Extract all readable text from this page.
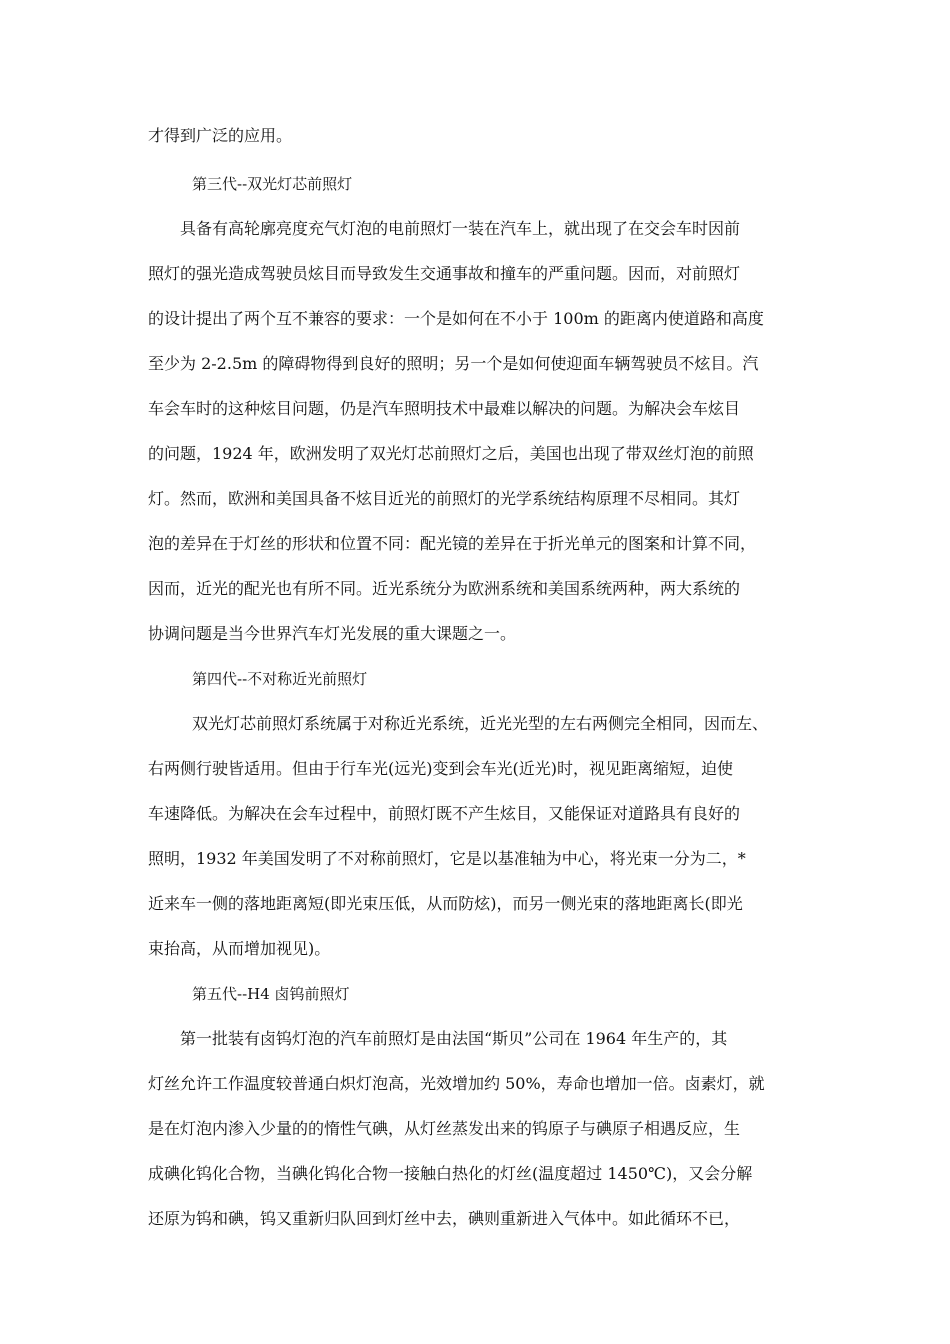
才得到广泛的应用。

第三代--双光灯芯前照灯

具备有高轮廓亮度充气灯泡的电前照灯一装在汽车上，就出现了在交会车时因前

照灯的强光造成驾驶员炫目而导致发生交通事故和撞车的严重问题。因而，对前照灯

的设计提出了两个互不兼容的要求：一个是如何在不小于 100m 的距离内使道路和高度

至少为 2-2.5m 的障碍物得到良好的照明；另一个是如何使迎面车辆驾驶员不炫目。汽

车会车时的这种炫目问题，仍是汽车照明技术中最难以解决的问题。为解决会车炫目

的问题，1924 年，欧洲发明了双光灯芯前照灯之后，美国也出现了带双丝灯泡的前照

灯。然而，欧洲和美国具备不炫目近光的前照灯的光学系统结构原理不尽相同。其灯

泡的差异在于灯丝的形状和位置不同：配光镜的差异在于折光单元的图案和计算不同，

因而，近光的配光也有所不同。近光系统分为欧洲系统和美国系统两种，两大系统的

协调问题是当今世界汽车灯光发展的重大课题之一。

第四代--不对称近光前照灯

双光灯芯前照灯系统属于对称近光系统，近光光型的左右两侧完全相同，因而左、

右两侧行驶皆适用。但由于行车光(远光)变到会车光(近光)时，视见距离缩短，迫使

车速降低。为解决在会车过程中，前照灯既不产生炫目，又能保证对道路具有良好的

照明，1932 年美国发明了不对称前照灯，它是以基准轴为中心，将光束一分为二，*

近来车一侧的落地距离短(即光束压低，从而防炫)，而另一侧光束的落地距离长(即光

束抬高，从而增加视见)。

第五代--H4 卤钨前照灯

第一批装有卤钨灯泡的汽车前照灯是由法国“斯贝”公司在 1964 年生产的，其

灯丝允许工作温度较普通白炽灯泡高，光效增加约 50%，寿命也增加一倍。卤素灯，就

是在灯泡内渗入少量的的惰性气碘，从灯丝蒸发出来的钨原子与碘原子相遇反应，生

成碘化钨化合物，当碘化钨化合物一接触白热化的灯丝(温度超过 1450℃)，又会分解

还原为钨和碘，钨又重新归队回到灯丝中去，碘则重新进入气体中。如此循环不已，
